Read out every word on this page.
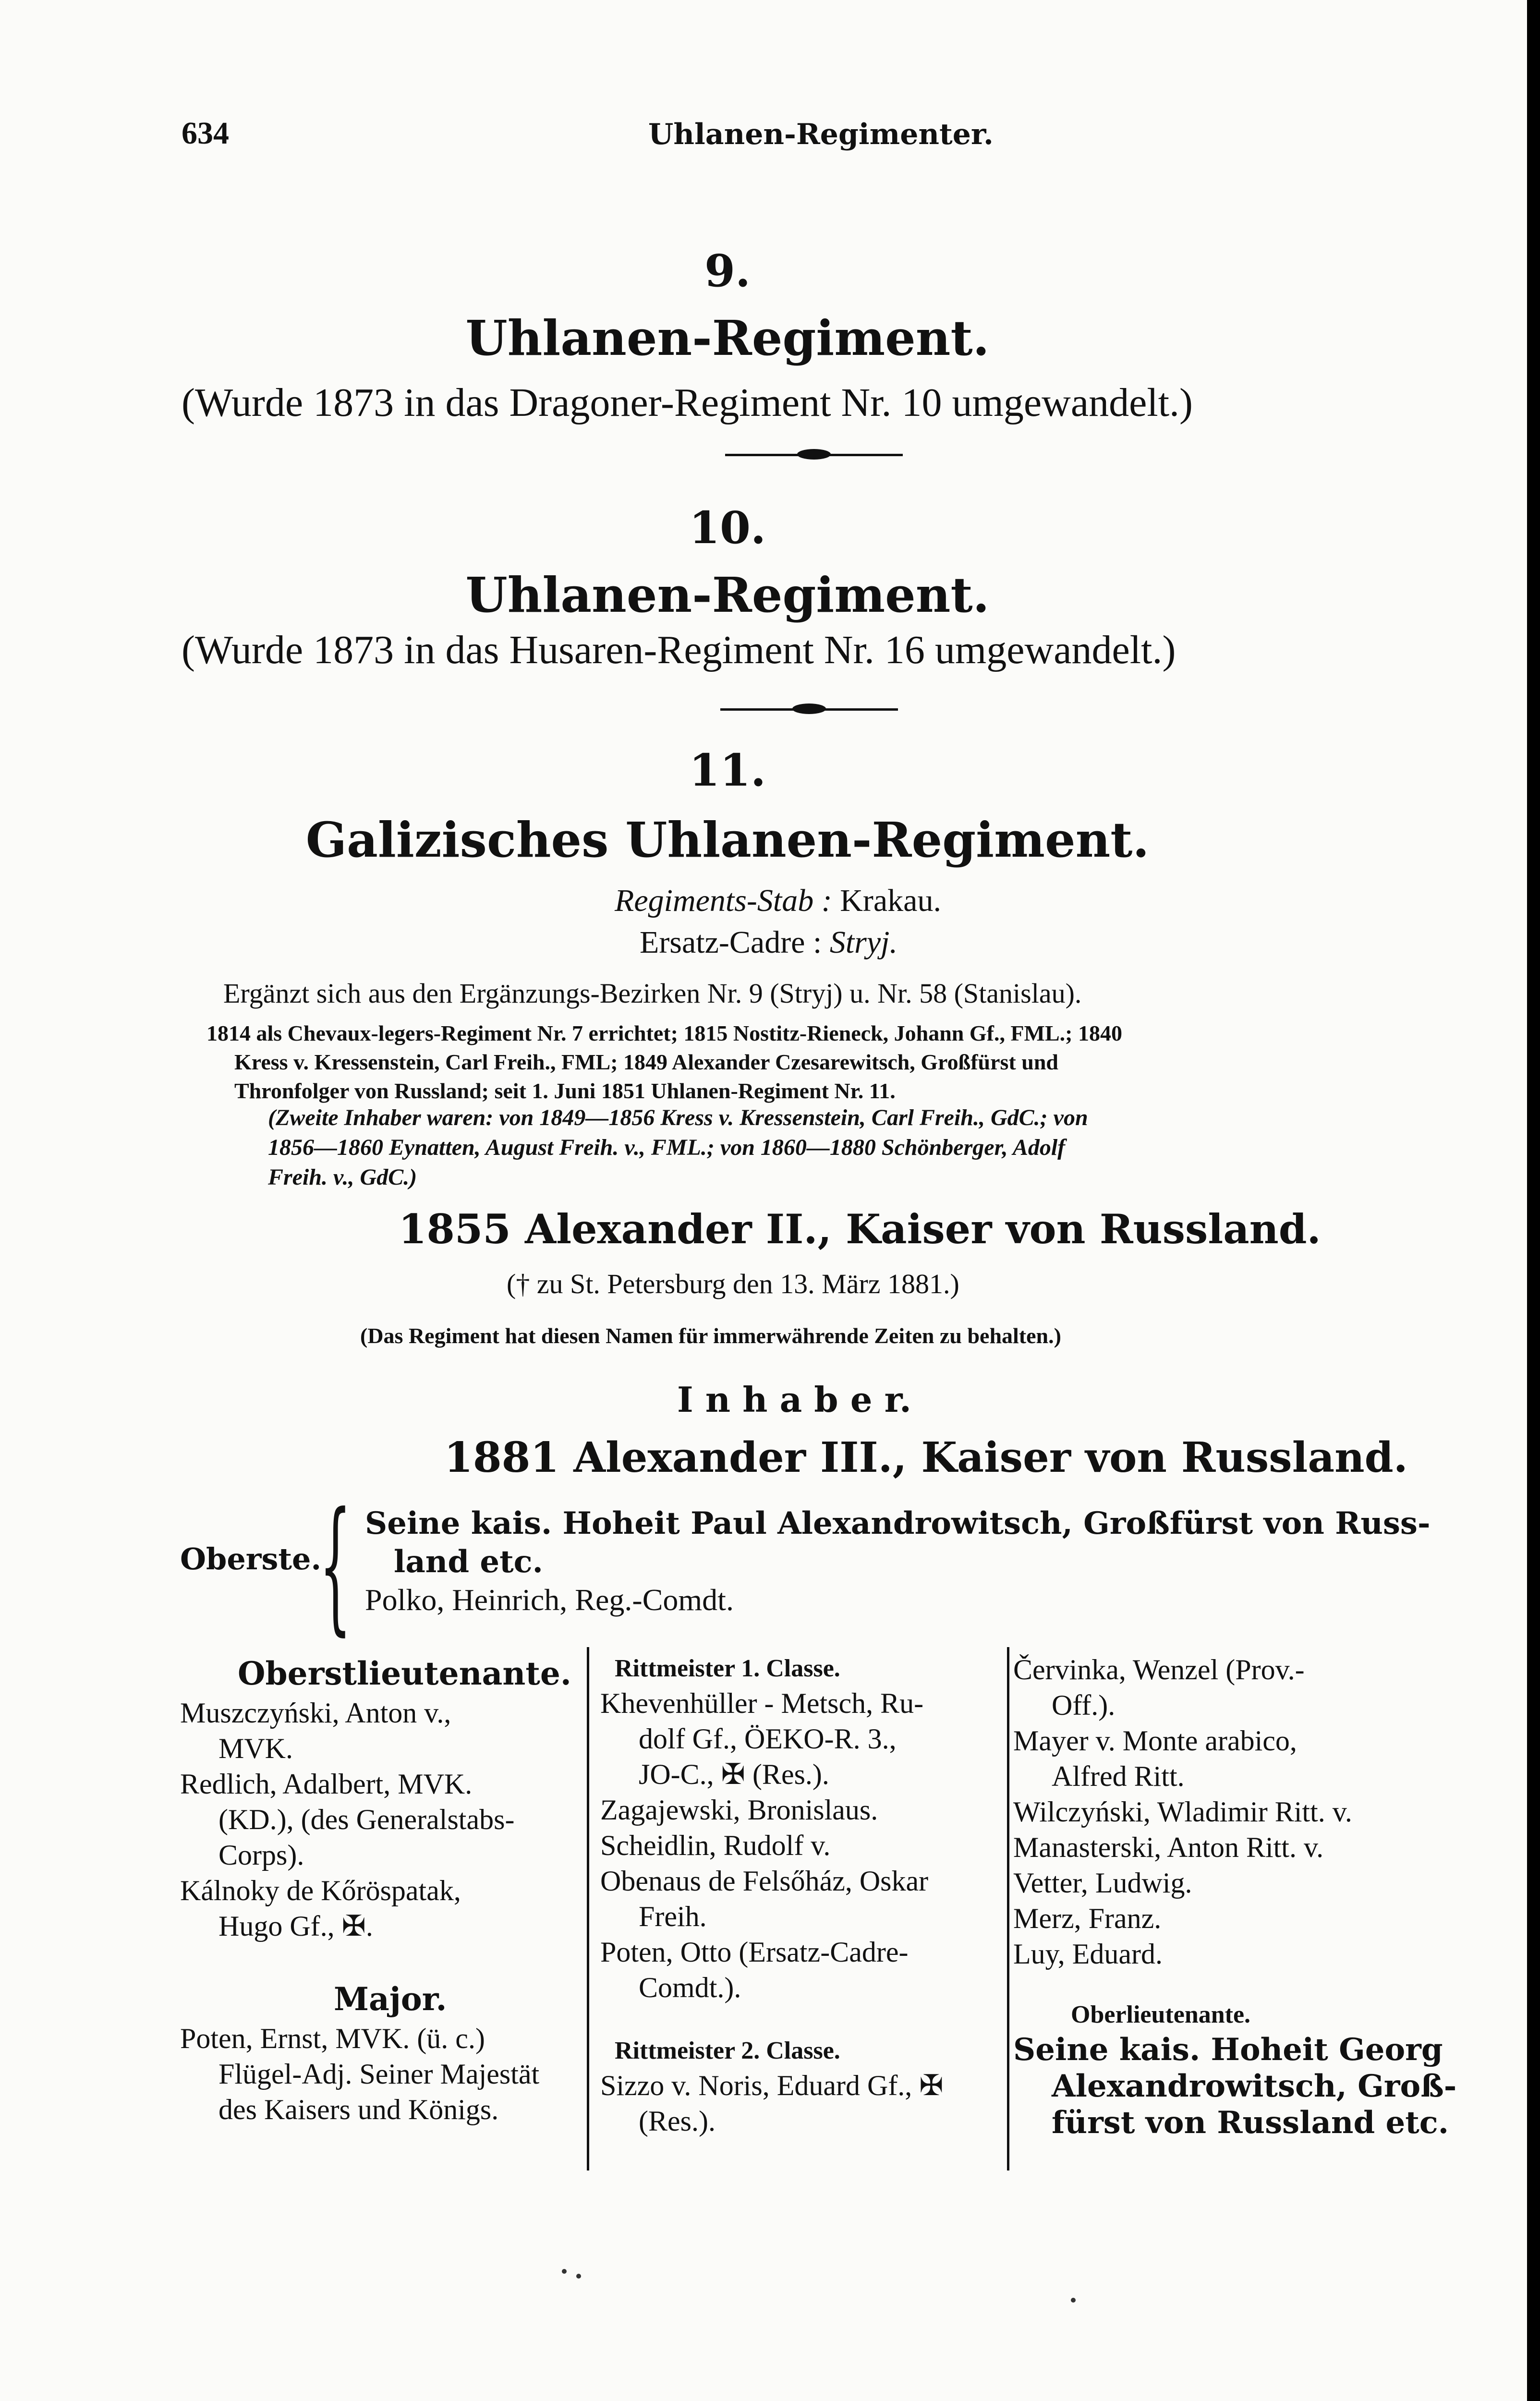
634	Uhlanen-Regimenter.
9.
Uhlanen-Regiment.
(Wurde 1873 in das Dragoner-Regiment Nr. 10 umgewandelt.)
10.
Uhlanen-Regiment.
(Wurde 1873 in das Husaren-Regiment Nr. 16 umgewandelt.)
11.
Galizisches Uhlanen-Regiment.
Regiments-Stab : Krakau.
Ersatz-Cadre : Stryj.
Ergänzt sich aus den Ergänzungs-Bezirken Nr. 9 (Stryj) u. Nr. 58 (Stanislau).
1814 als Chevaux-legers-Regiment Nr. 7 errichtet; 1815 Nostitz-Rieneck, Johann Gf., FML.; 1840
Kress v. Kressenstein, Carl Freih., FML; 1849 Alexander Czesarewitsch, Großfürst und
Thronfolger von Russland; seit 1. Juni 1851 Uhlanen-Regiment Nr. 11.
(Zweite Inhaber waren: von 1849—1856 Kress v. Kressenstein, Carl Freih., GdC.; von
1856—1860 Eynatten, August Freih. v., FML.; von 1860—1880 Schönberger, Adolf
Freih. v., GdC.)
1855 Alexander II., Kaiser von Russland.
(† zu St. Petersburg den 13. März 1881.)
(Das Regiment hat diesen Namen für immerwährende Zeiten zu behalten.)
I n h a b e r.
1881 Alexander III., Kaiser von Russland.
Oberste.
{ Seine kais. Hoheit Paul Alexandrowitsch, Großfürst von Russ-
land etc.
Polko, Heinrich, Reg.-Comdt.
Oberstlieutenante.
Muszczyński, Anton v.,
MVK.
Redlich, Adalbert, MVK.
(KD.), (des Generalstabs-
Corps).
Kálnoky de Kőröspatak,
Hugo Gf., ✠.
Major.
Poten, Ernst, MVK. (ü. c.)
Flügel-Adj. Seiner Majestät
des Kaisers und Königs.
Rittmeister 1. Classe.
Khevenhüller - Metsch, Ru-
dolf Gf., ÖEKO-R. 3.,
JO-C., ✠ (Res.).
Zagajewski, Bronislaus.
Scheidlin, Rudolf v.
Obenaus de Felsőház, Oskar
Freih.
Poten, Otto (Ersatz-Cadre-
Comdt.).
Rittmeister 2. Classe.
Sizzo v. Noris, Eduard Gf., ✠
(Res.).
Červinka, Wenzel (Prov.-
Off.).
Mayer v. Monte arabico,
Alfred Ritt.
Wilczyński, Wladimir Ritt. v.
Manasterski, Anton Ritt. v.
Vetter, Ludwig.
Merz, Franz.
Luy, Eduard.
Oberlieutenante.
Seine kais. Hoheit Georg
Alexandrowitsch, Groß-
fürst von Russland etc.
